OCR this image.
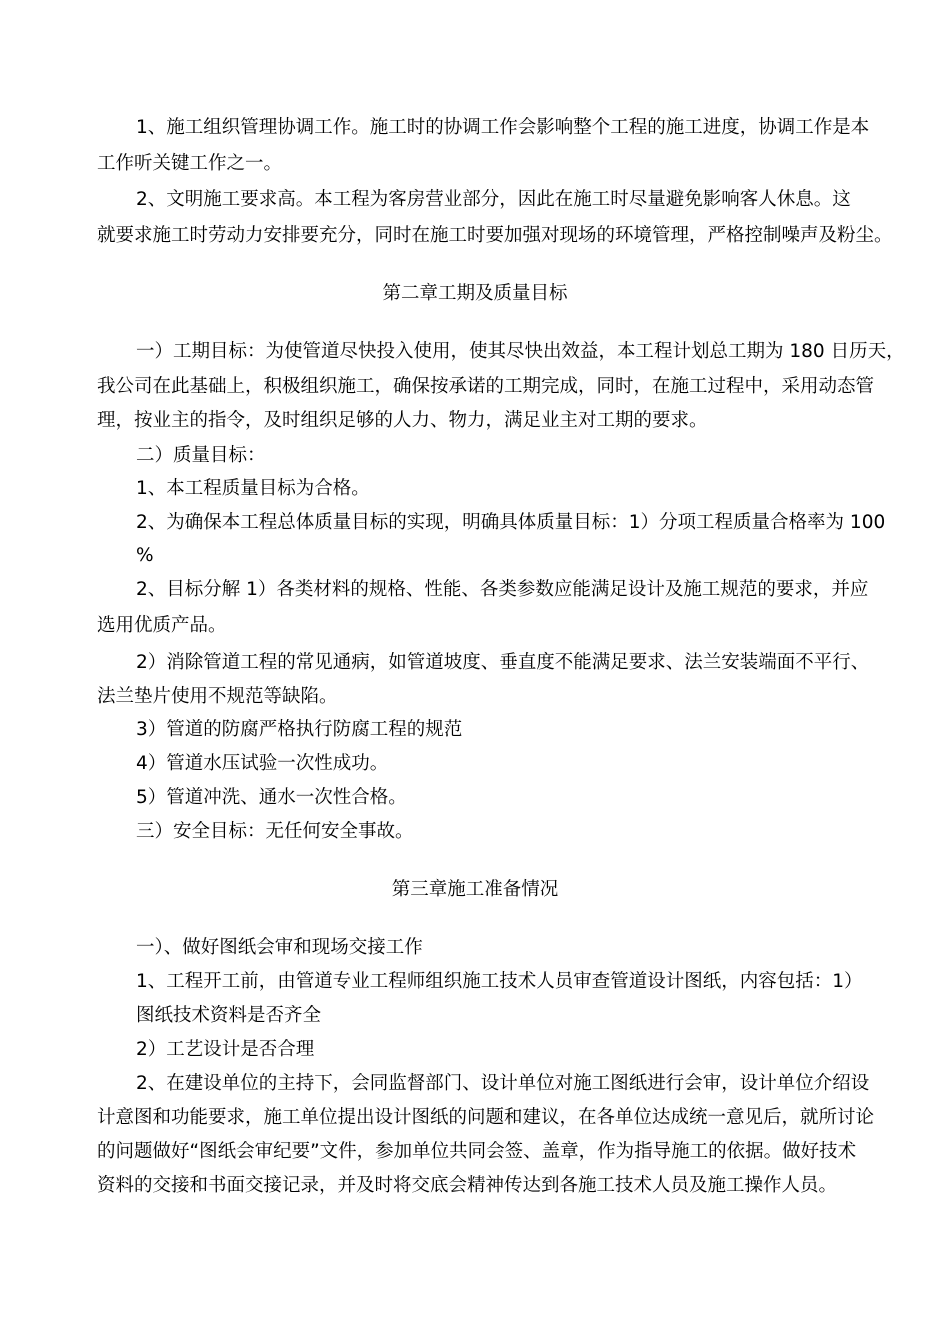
1、施工组织管理协调工作。施工时的协调工作会影响整个工程的施工进度，协调工作是本
工作听关键工作之一。
2、文明施工要求高。本工程为客房营业部分，因此在施工时尽量避免影响客人休息。这
就要求施工时劳动力安排要充分，同时在施工时要加强对现场的环境管理，严格控制噪声及粉尘。
第二章工期及质量目标
一）工期目标：为使管道尽快投入使用，使其尽快出效益，本工程计划总工期为 180 日历天，
我公司在此基础上，积极组织施工，确保按承诺的工期完成，同时，在施工过程中，采用动态管
理，按业主的指令，及时组织足够的人力、物力，满足业主对工期的要求。
二）质量目标：
1、本工程质量目标为合格。
2、为确保本工程总体质量目标的实现，明确具体质量目标：1）分项工程质量合格率为 100
%
2、目标分解 1）各类材料的规格、性能、各类参数应能满足设计及施工规范的要求，并应
选用优质产品。
2）消除管道工程的常见通病，如管道坡度、垂直度不能满足要求、法兰安装端面不平行、
法兰垫片使用不规范等缺陷。
3）管道的防腐严格执行防腐工程的规范
4）管道水压试验一次性成功。
5）管道冲洗、通水一次性合格。
三）安全目标：无任何安全事故。
第三章施工准备情况
一）、做好图纸会审和现场交接工作
1、工程开工前，由管道专业工程师组织施工技术人员审查管道设计图纸，内容包括：1）
图纸技术资料是否齐全
2）工艺设计是否合理
2、在建设单位的主持下，会同监督部门、设计单位对施工图纸进行会审，设计单位介绍设
计意图和功能要求，施工单位提出设计图纸的问题和建议，在各单位达成统一意见后，就所讨论
的问题做好“图纸会审纪要”文件，参加单位共同会签、盖章，作为指导施工的依据。做好技术
资料的交接和书面交接记录，并及时将交底会精神传达到各施工技术人员及施工操作人员。
